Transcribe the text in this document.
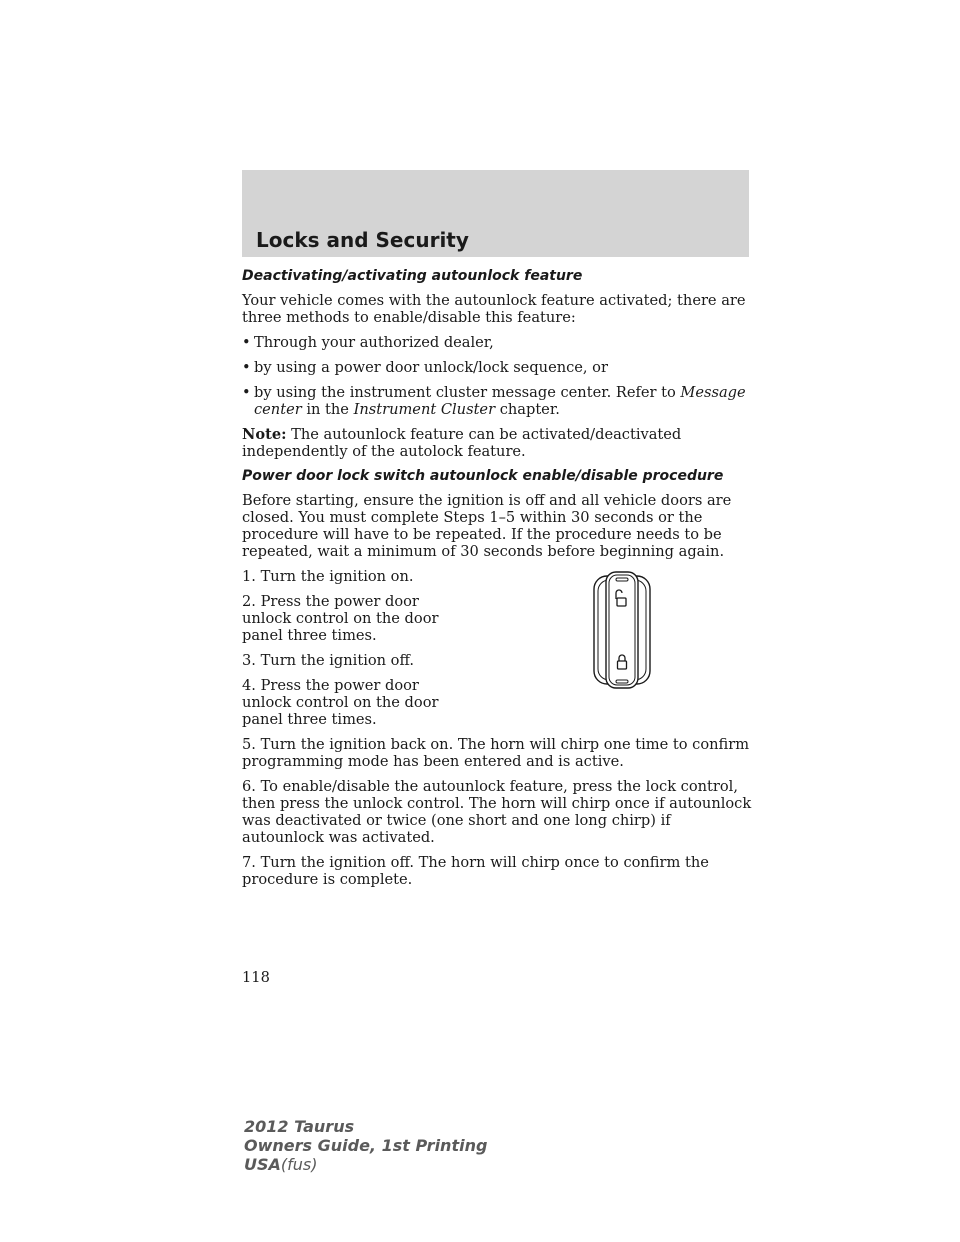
Locks and Security
Deactivating/activating autounlock feature

Your vehicle comes with the autounlock feature activated; there are three methods to enable/disable this feature:

• Through your authorized dealer,
• by using a power door unlock/lock sequence, or
• by using the instrument cluster message center. Refer to Message center in the Instrument Cluster chapter.

Note: The autounlock feature can be activated/deactivated independently of the autolock feature.

Power door lock switch autounlock enable/disable procedure

Before starting, ensure the ignition is off and all vehicle doors are closed. You must complete Steps 1–5 within 30 seconds or the procedure will have to be repeated. If the procedure needs to be repeated, wait a minimum of 30 seconds before beginning again.

1. Turn the ignition on.

2. Press the power door unlock control on the door panel three times.

3. Turn the ignition off.

4. Press the power door unlock control on the door panel three times.

5. Turn the ignition back on. The horn will chirp one time to confirm programming mode has been entered and is active.

6. To enable/disable the autounlock feature, press the lock control, then press the unlock control. The horn will chirp once if autounlock was deactivated or twice (one short and one long chirp) if autounlock was activated.

7. Turn the ignition off. The horn will chirp once to confirm the procedure is complete.

118
2012 Taurus
Owners Guide, 1st Printing
USA(fus)
